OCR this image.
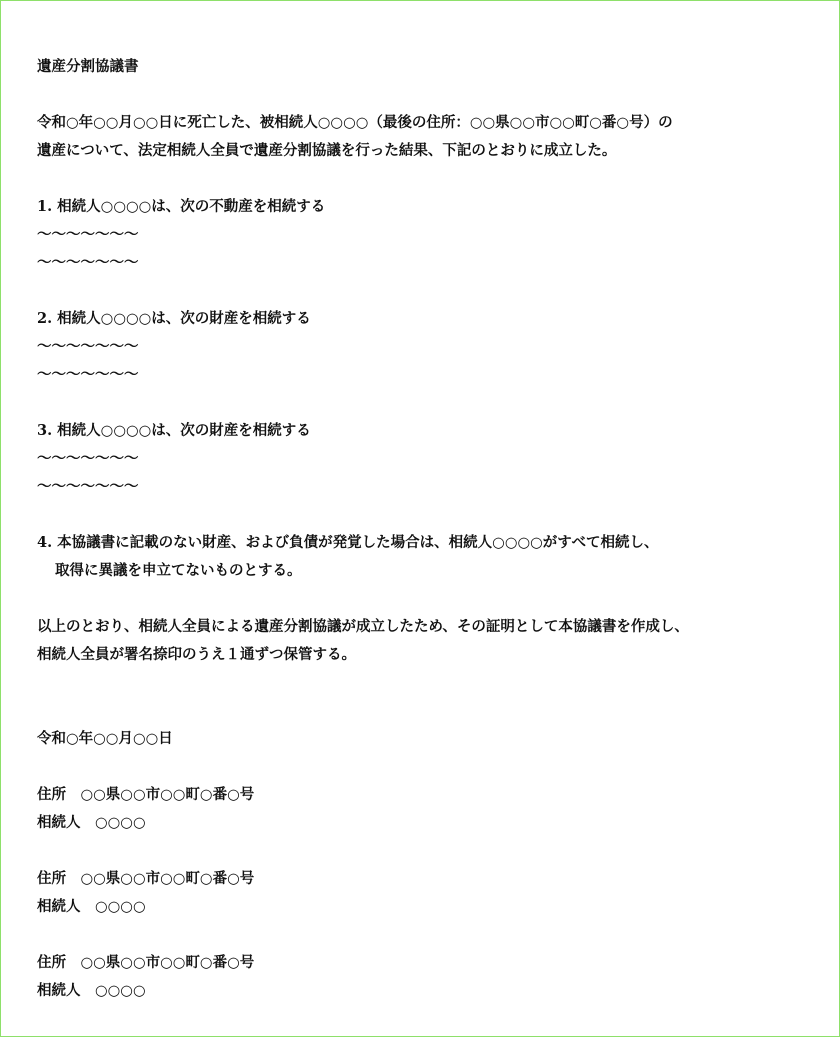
遺産分割協議書
令和○年○○月○○日に死亡した、被相続人○○○○（最後の住所：○○県○○市○○町○番○号）の
遺産について、法定相続人全員で遺産分割協議を行った結果、下記のとおりに成立した。
1. 相続人○○○○は、次の不動産を相続する
〜〜〜〜〜〜〜
〜〜〜〜〜〜〜
2. 相続人○○○○は、次の財産を相続する
〜〜〜〜〜〜〜
〜〜〜〜〜〜〜
3. 相続人○○○○は、次の財産を相続する
〜〜〜〜〜〜〜
〜〜〜〜〜〜〜
4. 本協議書に記載のない財産、および負債が発覚した場合は、相続人○○○○がすべて相続し、
取得に異議を申立てないものとする。
以上のとおり、相続人全員による遺産分割協議が成立したため、その証明として本協議書を作成し、
相続人全員が署名捺印のうえ１通ずつ保管する。
令和○年○○月○○日
住所　○○県○○市○○町○番○号
相続人　○○○○
住所　○○県○○市○○町○番○号
相続人　○○○○
住所　○○県○○市○○町○番○号
相続人　○○○○
